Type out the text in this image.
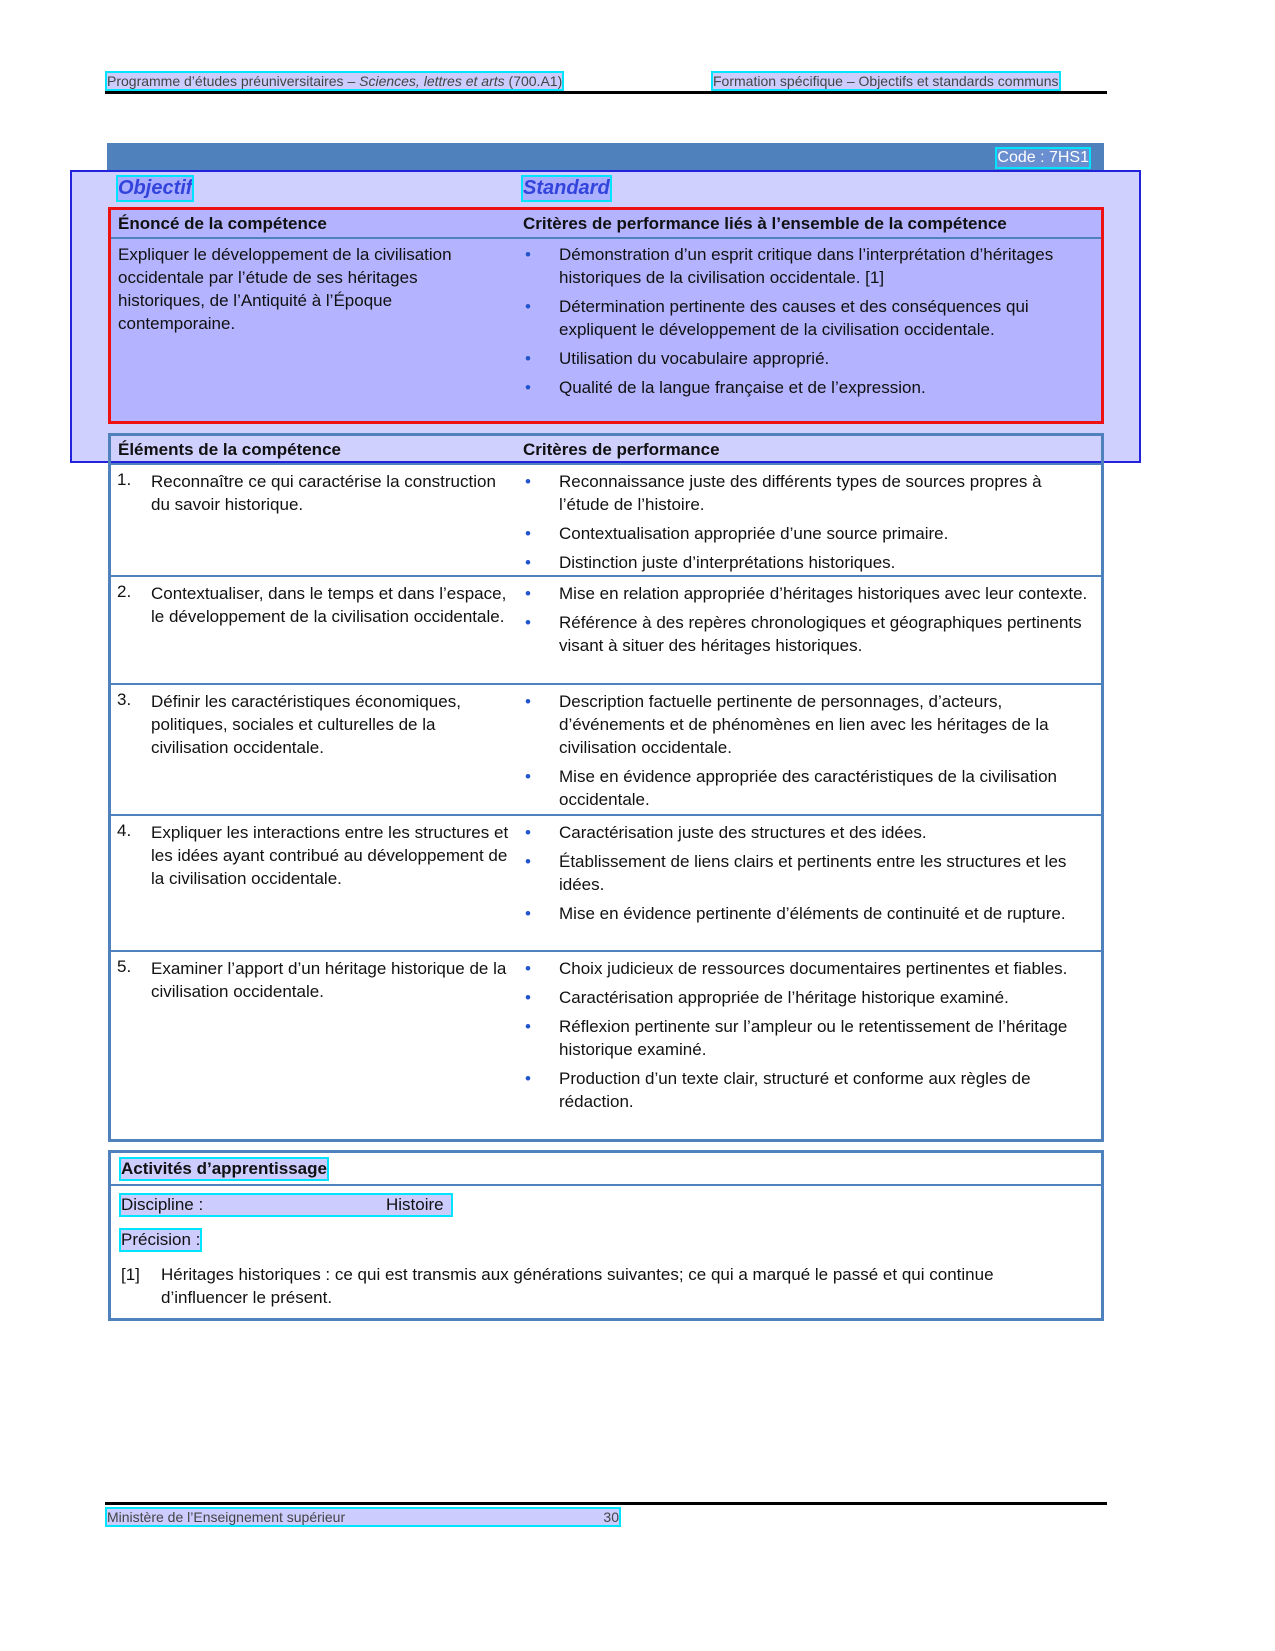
Programme d’études préuniversitaires – Sciences, lettres et arts (700.A1)	Formation spécifique – Objectifs et standards communs
Code : 7HS1
Objectif	Standard
Énoncé de la compétence	Critères de performance liés à l’ensemble de la compétence
Expliquer le développement de la civilisation occidentale par l’étude de ses héritages historiques, de l’Antiquité à l’Époque contemporaine.
• Démonstration d’un esprit critique dans l’interprétation d’héritages historiques de la civilisation occidentale. [1]
• Détermination pertinente des causes et des conséquences qui expliquent le développement de la civilisation occidentale.
• Utilisation du vocabulaire approprié.
• Qualité de la langue française et de l’expression.
Éléments de la compétence	Critères de performance
1. Reconnaître ce qui caractérise la construction du savoir historique.
• Reconnaissance juste des différents types de sources propres à l’étude de l’histoire.
• Contextualisation appropriée d’une source primaire.
• Distinction juste d’interprétations historiques.
2. Contextualiser, dans le temps et dans l’espace, le développement de la civilisation occidentale.
• Mise en relation appropriée d’héritages historiques avec leur contexte.
• Référence à des repères chronologiques et géographiques pertinents visant à situer des héritages historiques.
3. Définir les caractéristiques économiques, politiques, sociales et culturelles de la civilisation occidentale.
• Description factuelle pertinente de personnages, d’acteurs, d’événements et de phénomènes en lien avec les héritages de la civilisation occidentale.
• Mise en évidence appropriée des caractéristiques de la civilisation occidentale.
4. Expliquer les interactions entre les structures et les idées ayant contribué au développement de la civilisation occidentale.
• Caractérisation juste des structures et des idées.
• Établissement de liens clairs et pertinents entre les structures et les idées.
• Mise en évidence pertinente d’éléments de continuité et de rupture.
5. Examiner l’apport d’un héritage historique de la civilisation occidentale.
• Choix judicieux de ressources documentaires pertinentes et fiables.
• Caractérisation appropriée de l’héritage historique examiné.
• Réflexion pertinente sur l’ampleur ou le retentissement de l’héritage historique examiné.
• Production d’un texte clair, structuré et conforme aux règles de rédaction.
Activités d’apprentissage
Discipline :	Histoire
Précision :
[1]	Héritages historiques : ce qui est transmis aux générations suivantes; ce qui a marqué le passé et qui continue d’influencer le présent.
Ministère de l’Enseignement supérieur	30
